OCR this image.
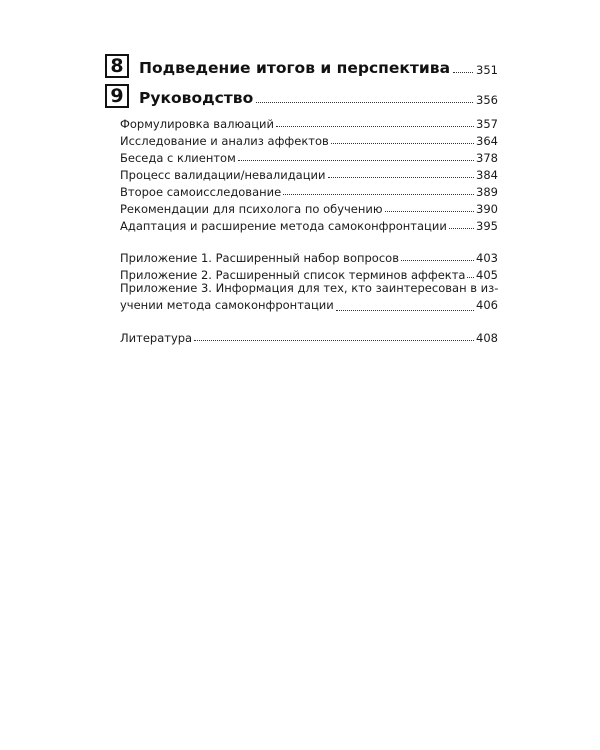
8 Подведение итогов и перспектива 351
9 Руководство	356
Формулировка валюаций	357
Исследование и анализ аффектов	364
Беседа с клиентом	378
Процесс валидации/невалидации	384
Второе самоисследование	389
Рекомендации для психолога по обучению	390
Адаптация и расширение метода самоконфронтации	395
Приложение 1. Расширенный набор вопросов	403
Приложение 2. Расширенный список терминов аффекта 405
Приложение 3. Информация для тех, кто заинтересован в из-
учении метода самоконфронтации	406
Литература	408
